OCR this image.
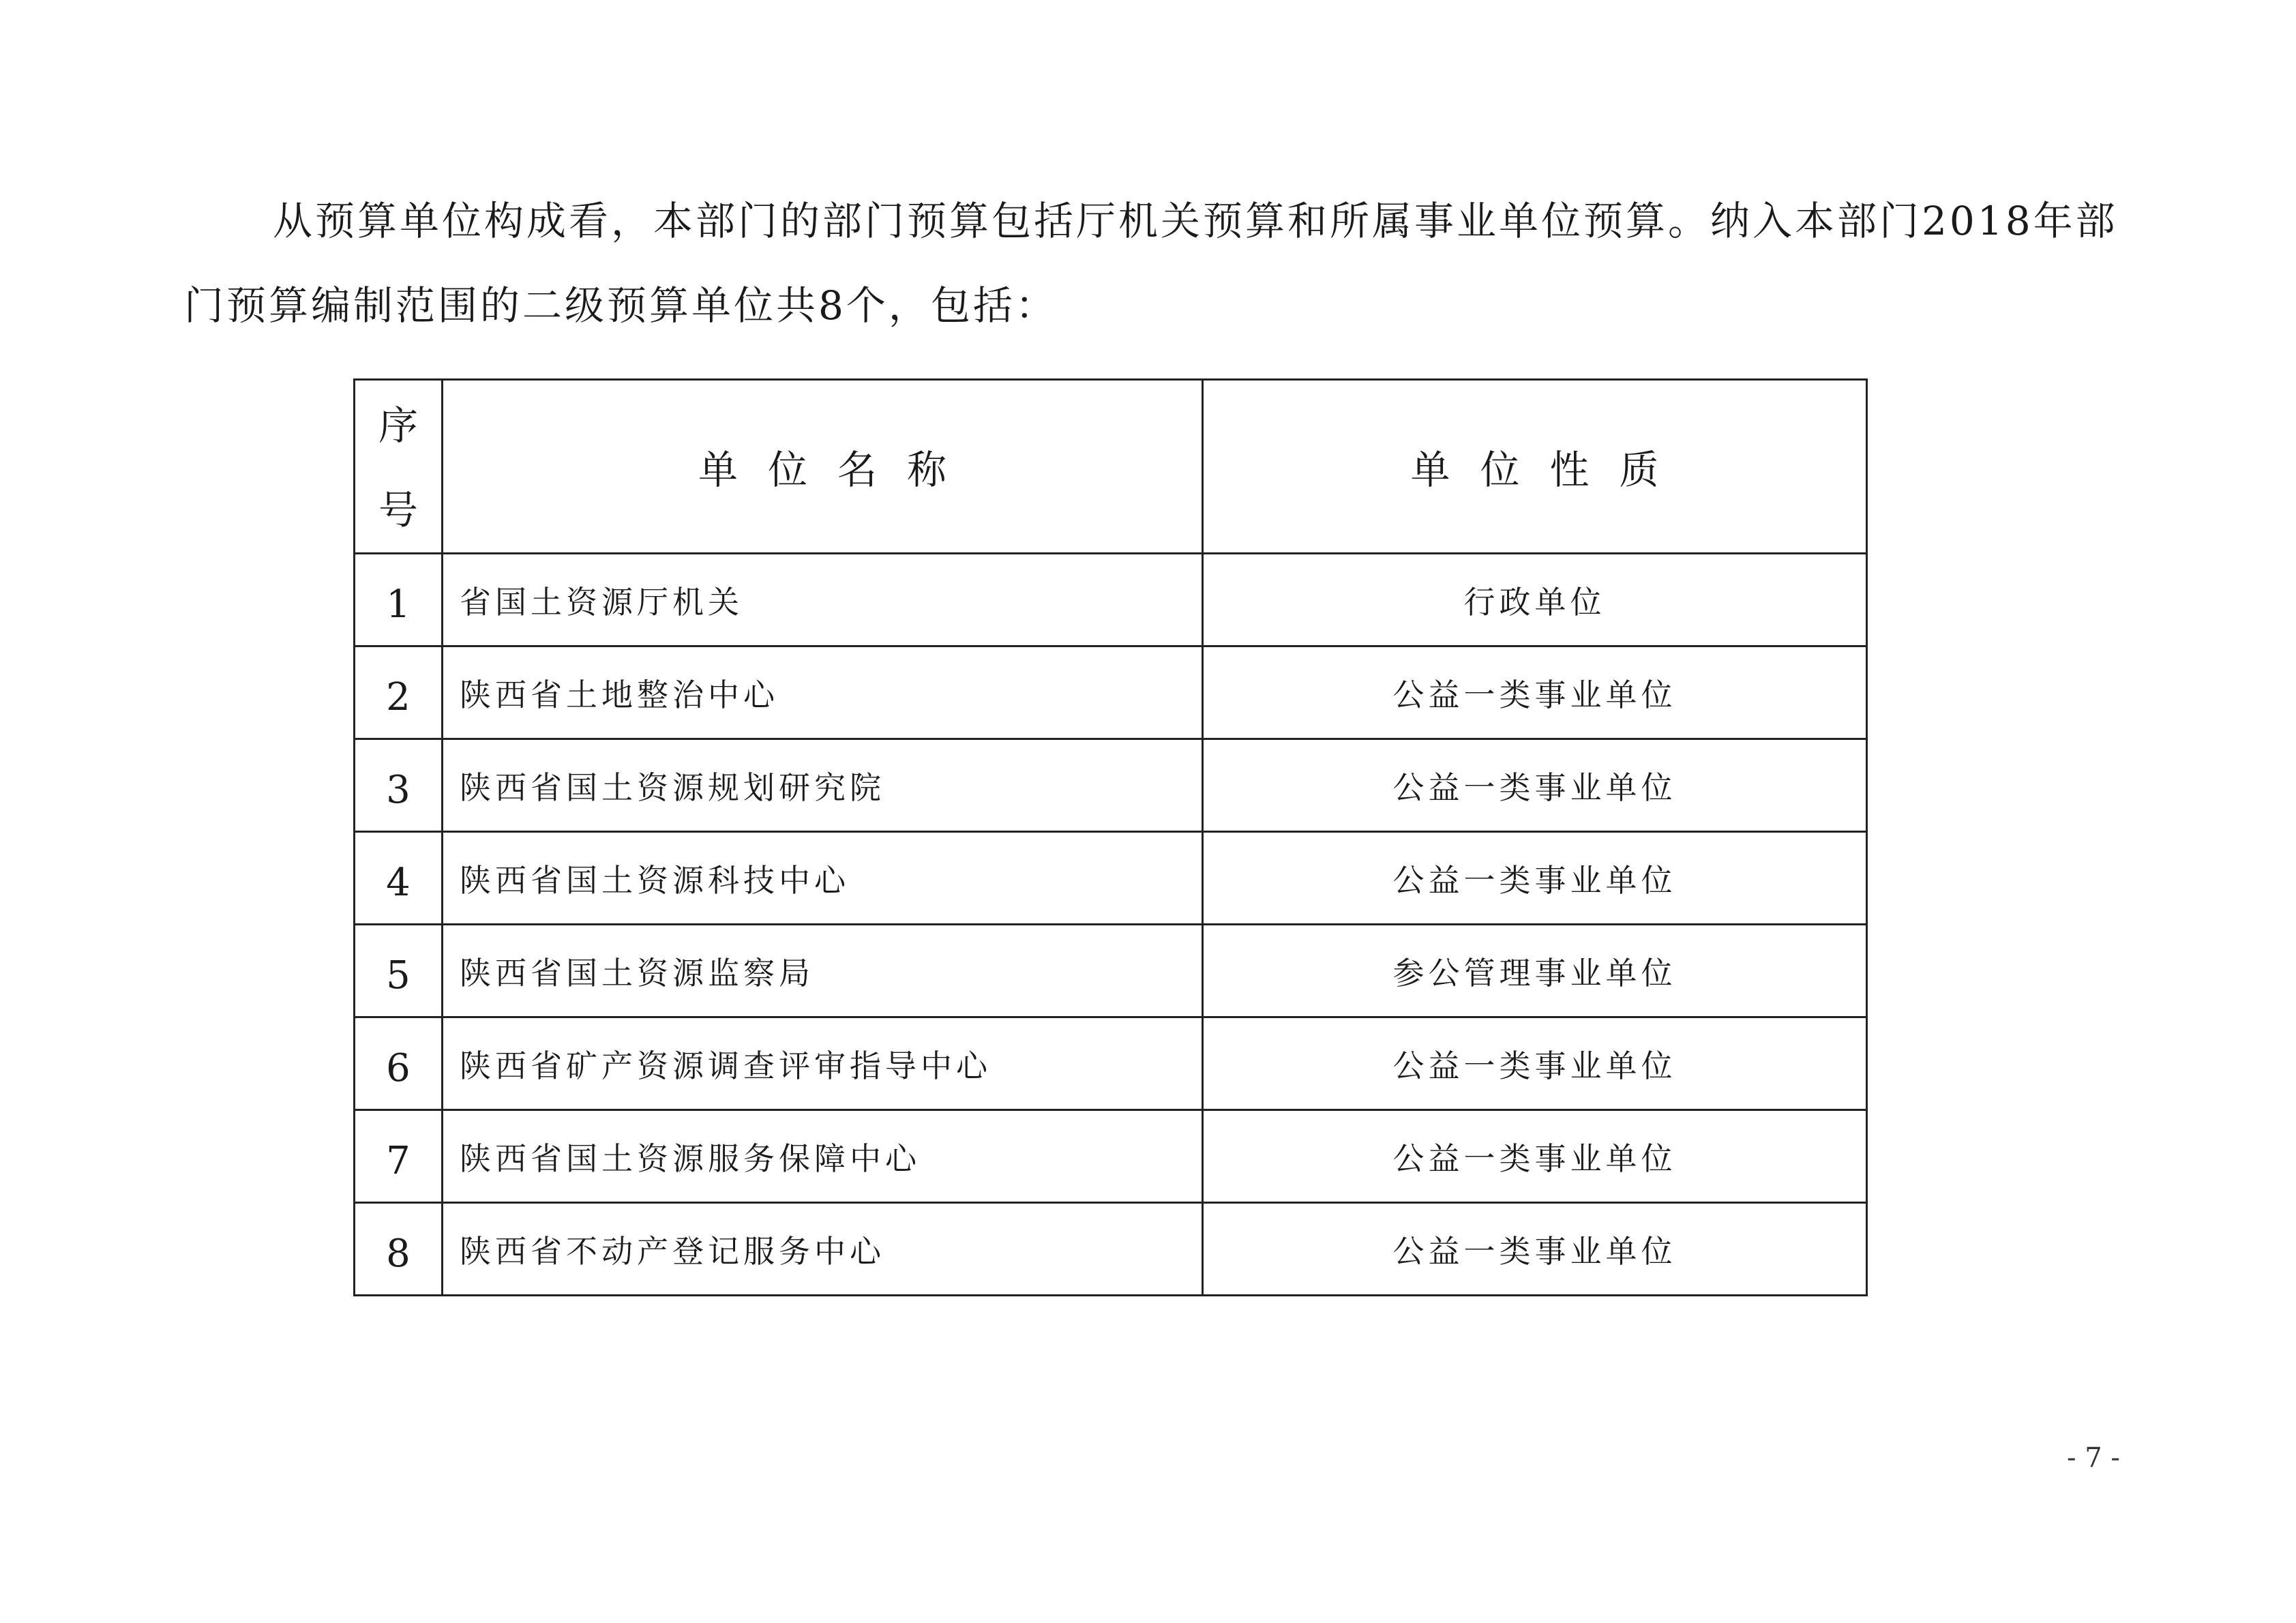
从预算单位构成看，本部门的部门预算包括厅机关预算和所属事业单位预算。纳入本部门2018年部门预算编制范围的二级预算单位共8个，包括：

序
号	单位名称	单位性质
1	省国土资源厅机关	行政单位
2	陕西省土地整治中心	公益一类事业单位
3	陕西省国土资源规划研究院	公益一类事业单位
4	陕西省国土资源科技中心	公益一类事业单位
5	陕西省国土资源监察局	参公管理事业单位
6	陕西省矿产资源调查评审指导中心	公益一类事业单位
7	陕西省国土资源服务保障中心	公益一类事业单位
8	陕西省不动产登记服务中心	公益一类事业单位
- 7 -
